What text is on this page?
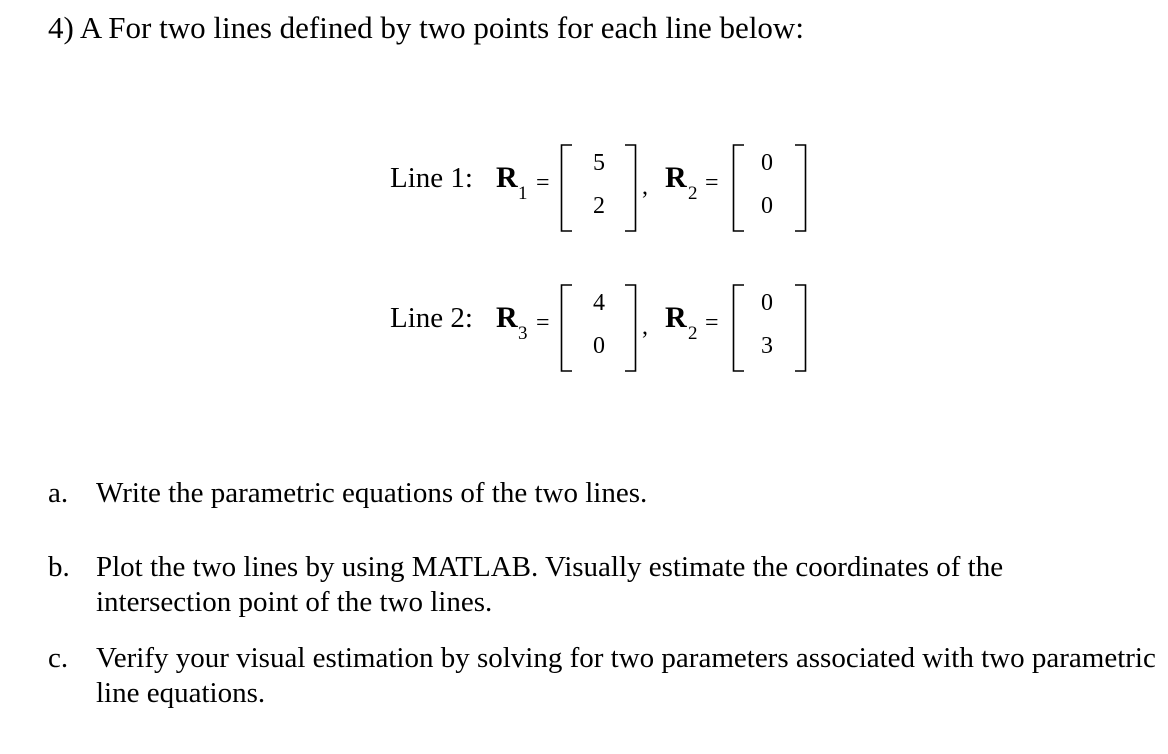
4) A For two lines defined by two points for each line below:
Line 1: R 1 =
5
2
, R 2 =
0
0
Line 2: R 3 =
4
0
, R 2 =
0
3
a. Write the parametric equations of the two lines.
b. Plot the two lines by using MATLAB. Visually estimate the coordinates of the intersection point of the two lines.
c. Verify your visual estimation by solving for two parameters associated with two parametric line equations.
